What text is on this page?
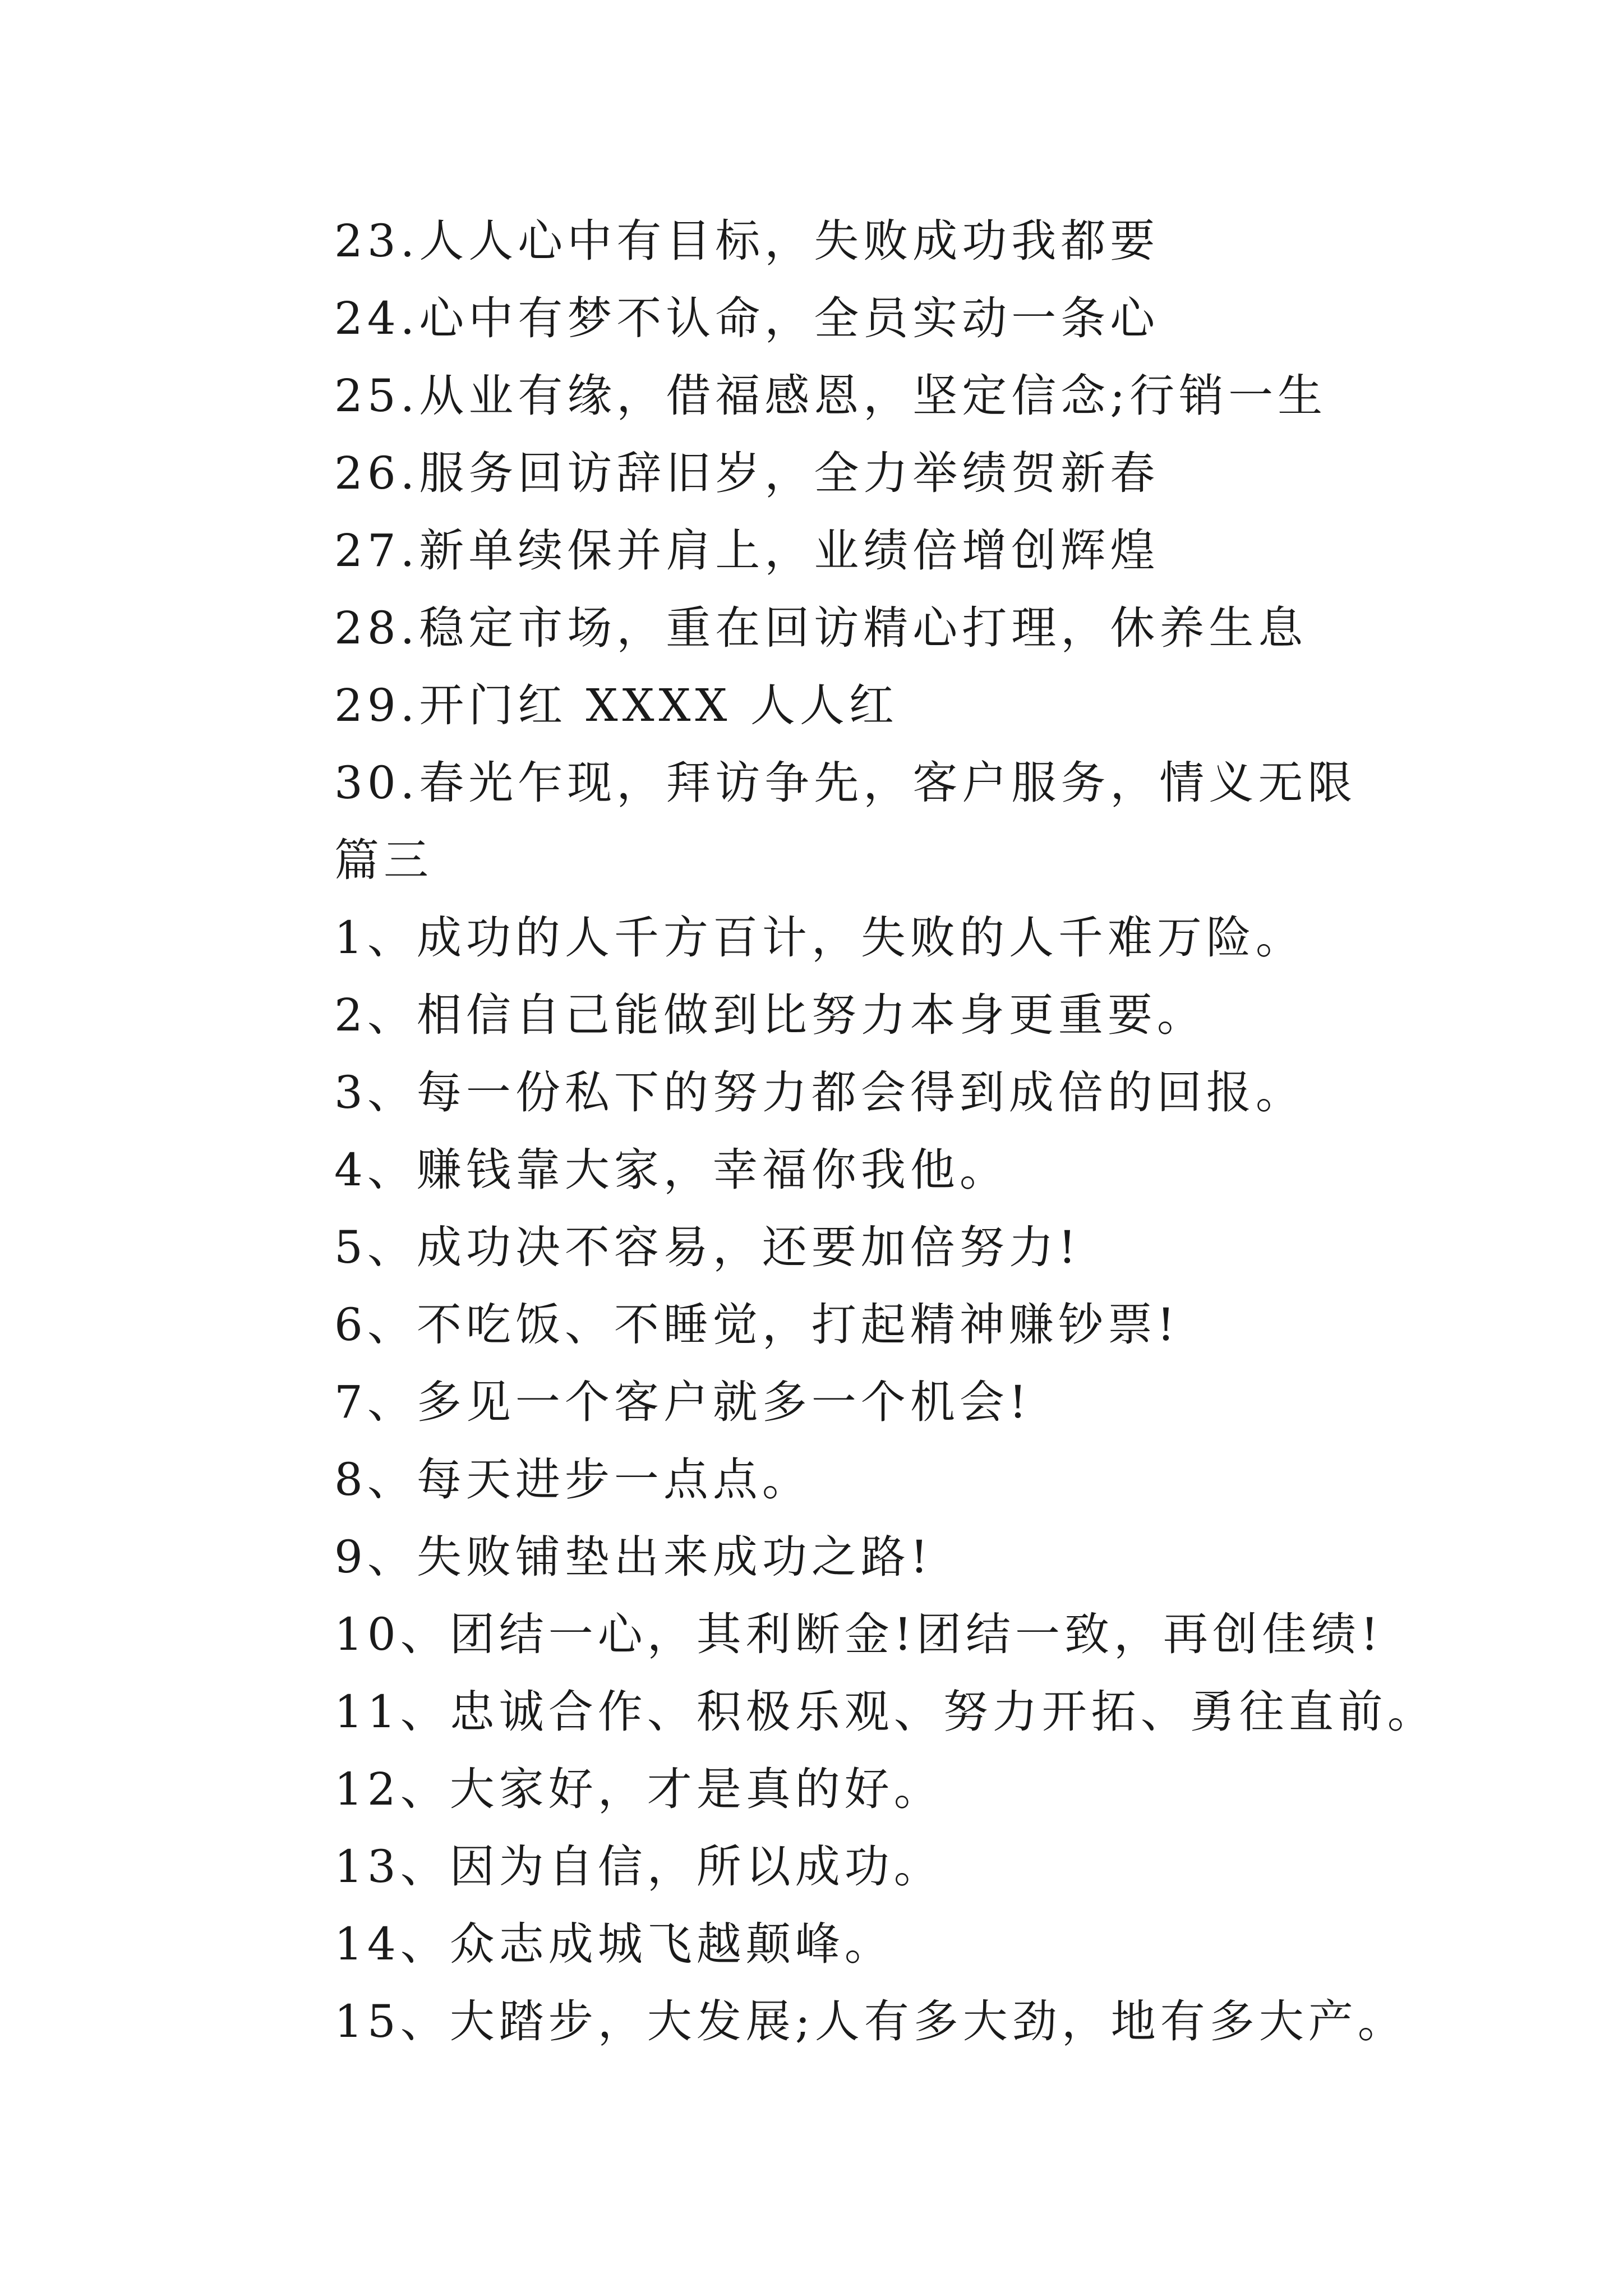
23.人人心中有目标，失败成功我都要
24.心中有梦不认命，全员实动一条心
25.从业有缘，借福感恩，坚定信念;行销一生
26.服务回访辞旧岁，全力举绩贺新春
27.新单续保并肩上，业绩倍增创辉煌
28.稳定市场，重在回访精心打理，休养生息
29.开门红 XXXX 人人红
30.春光乍现，拜访争先，客户服务，情义无限
篇三
1、成功的人千方百计，失败的人千难万险。
2、相信自己能做到比努力本身更重要。
3、每一份私下的努力都会得到成倍的回报。
4、赚钱靠大家，幸福你我他。
5、成功决不容易，还要加倍努力!
6、不吃饭、不睡觉，打起精神赚钞票!
7、多见一个客户就多一个机会!
8、每天进步一点点。
9、失败铺垫出来成功之路!
10、团结一心，其利断金!团结一致，再创佳绩!
11、忠诚合作、积极乐观、努力开拓、勇往直前。
12、大家好，才是真的好。
13、因为自信，所以成功。
14、众志成城飞越颠峰。
15、大踏步，大发展;人有多大劲，地有多大产。
